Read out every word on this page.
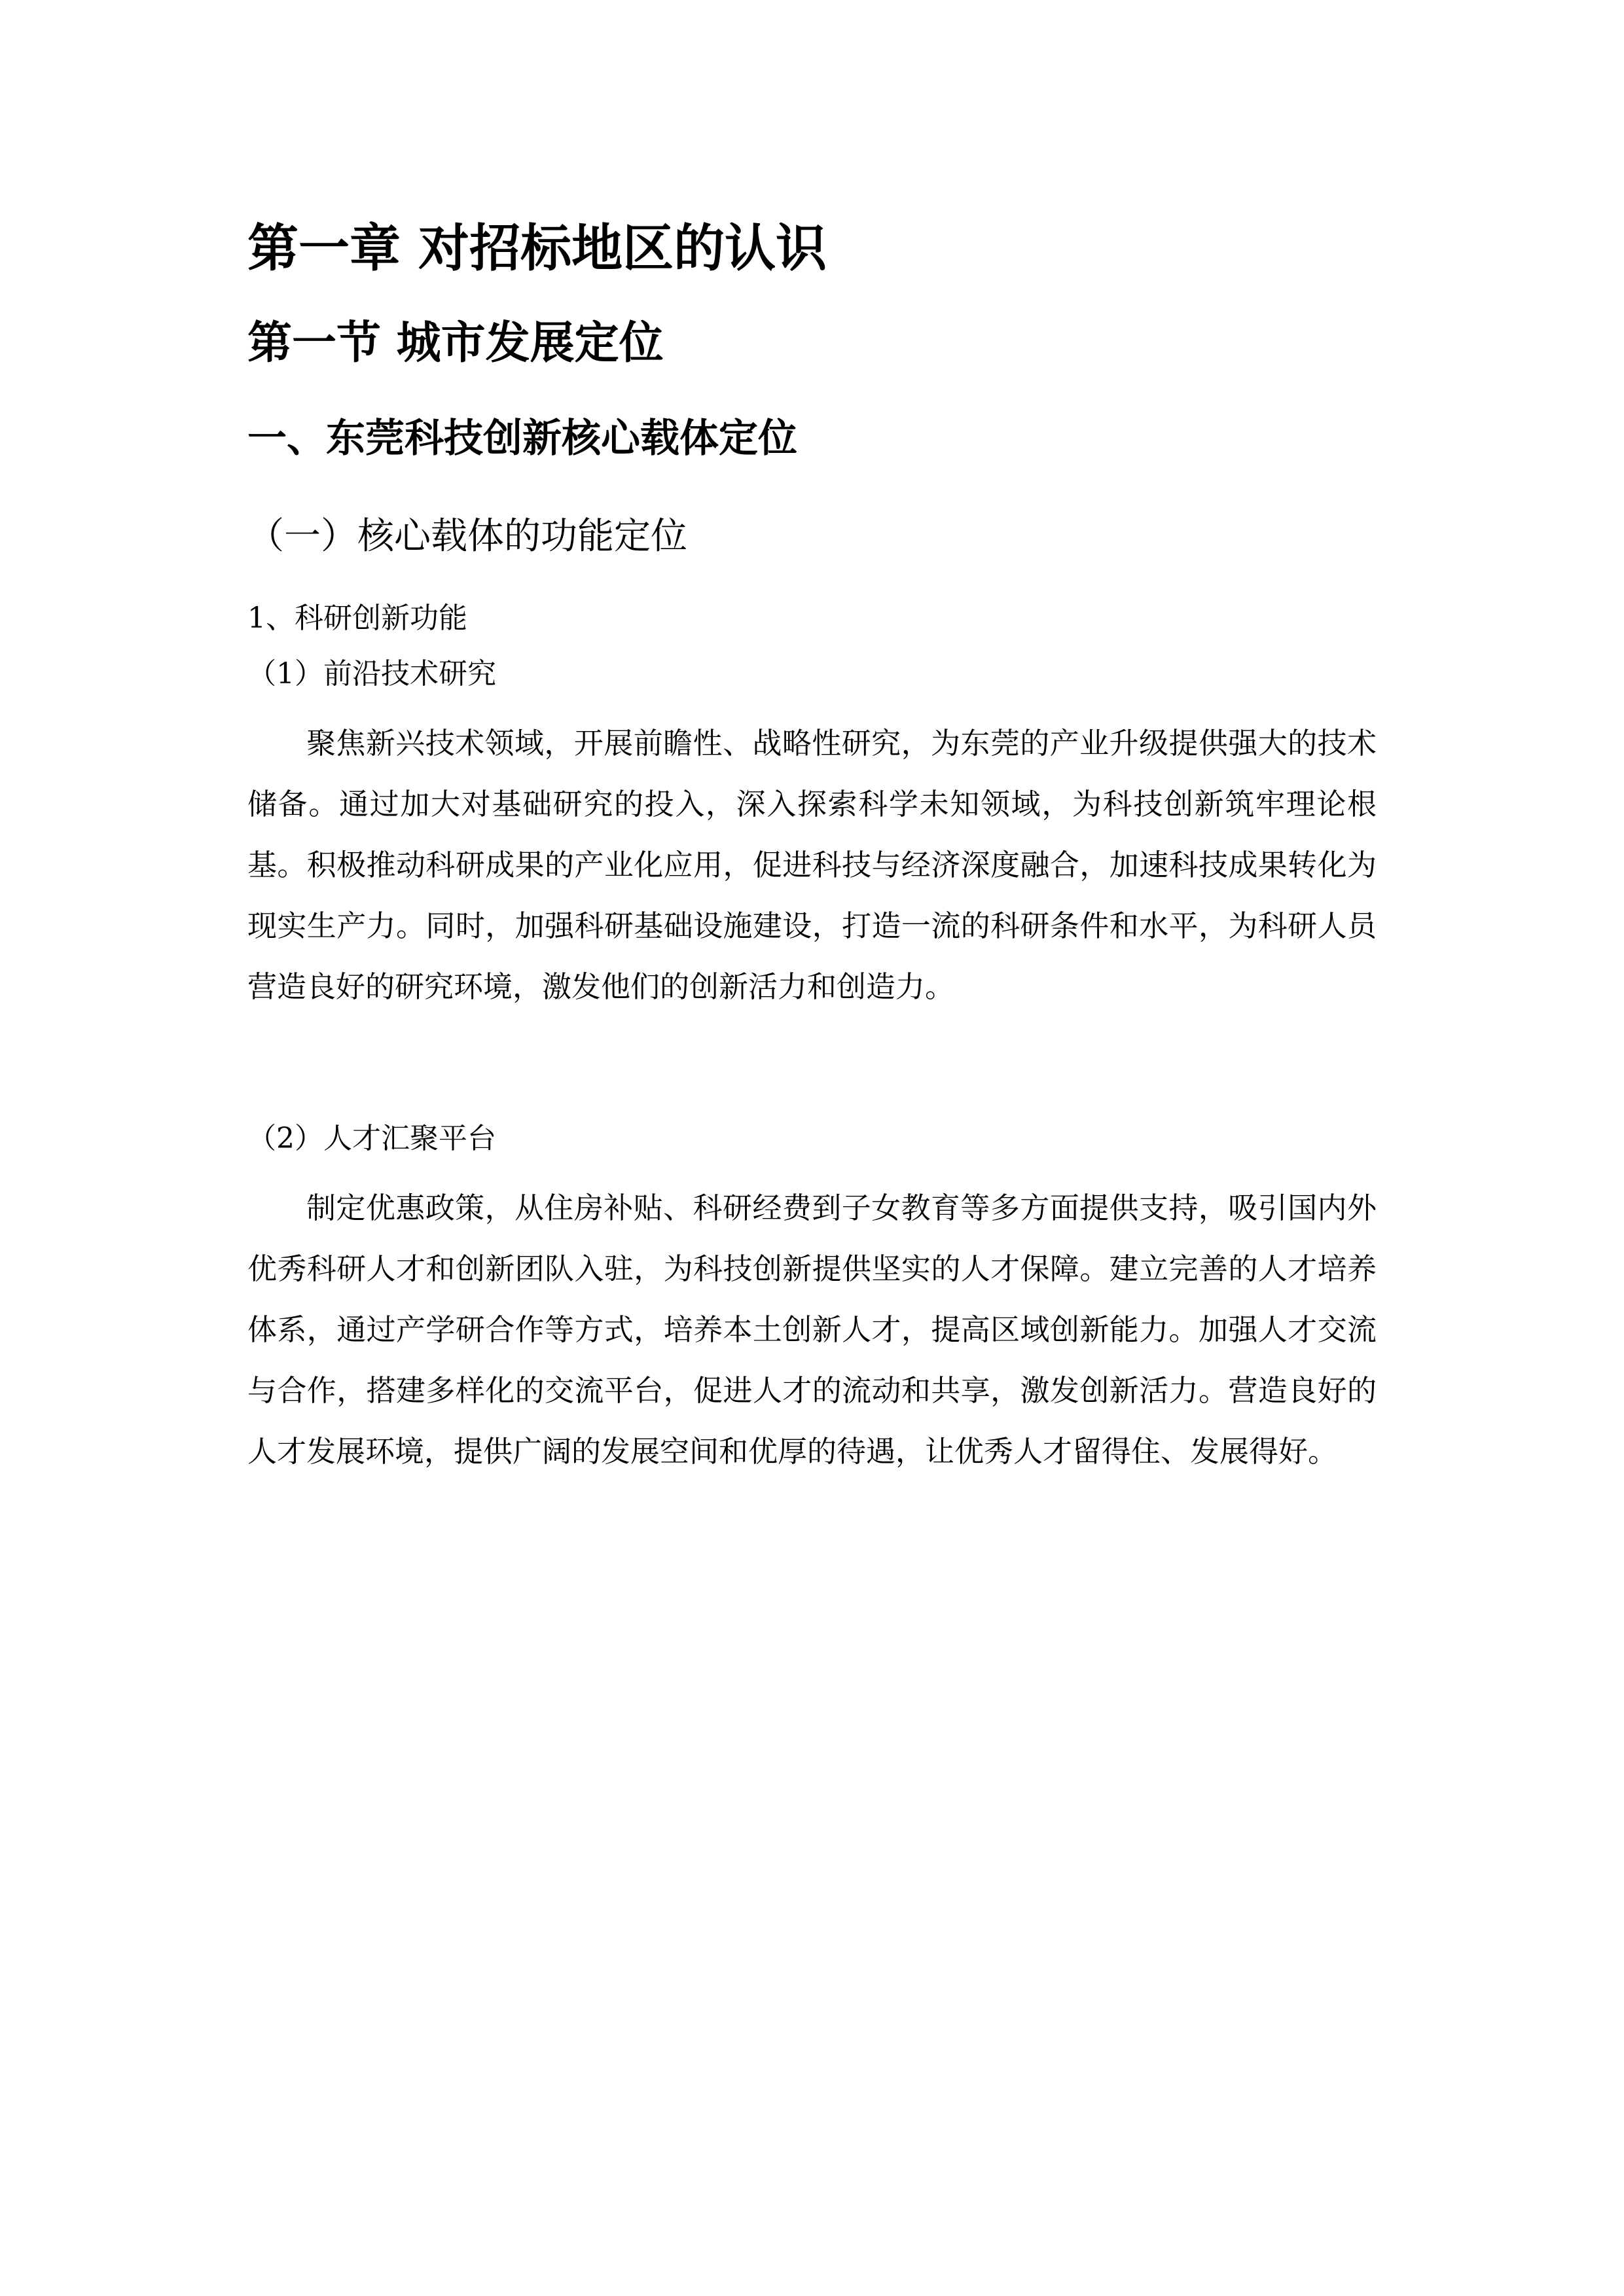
第一章 对招标地区的认识
第一节 城市发展定位
一、东莞科技创新核心载体定位
（一）核心载体的功能定位

1、科研创新功能

（1）前沿技术研究

聚焦新兴技术领域，开展前瞻性、战略性研究，为东莞的产业升级提供强大的技术储备。通过加大对基础研究的投入，深入探索科学未知领域，为科技创新筑牢理论根基。积极推动科研成果的产业化应用，促进科技与经济深度融合，加速科技成果转化为现实生产力。同时，加强科研基础设施建设，打造一流的科研条件和水平，为科研人员营造良好的研究环境，激发他们的创新活力和创造力。

（2）人才汇聚平台

制定优惠政策，从住房补贴、科研经费到子女教育等多方面提供支持，吸引国内外优秀科研人才和创新团队入驻，为科技创新提供坚实的人才保障。建立完善的人才培养体系，通过产学研合作等方式，培养本土创新人才，提高区域创新能力。加强人才交流与合作，搭建多样化的交流平台，促进人才的流动和共享，激发创新活力。营造良好的人才发展环境，提供广阔的发展空间和优厚的待遇，让优秀人才留得住、发展得好。
